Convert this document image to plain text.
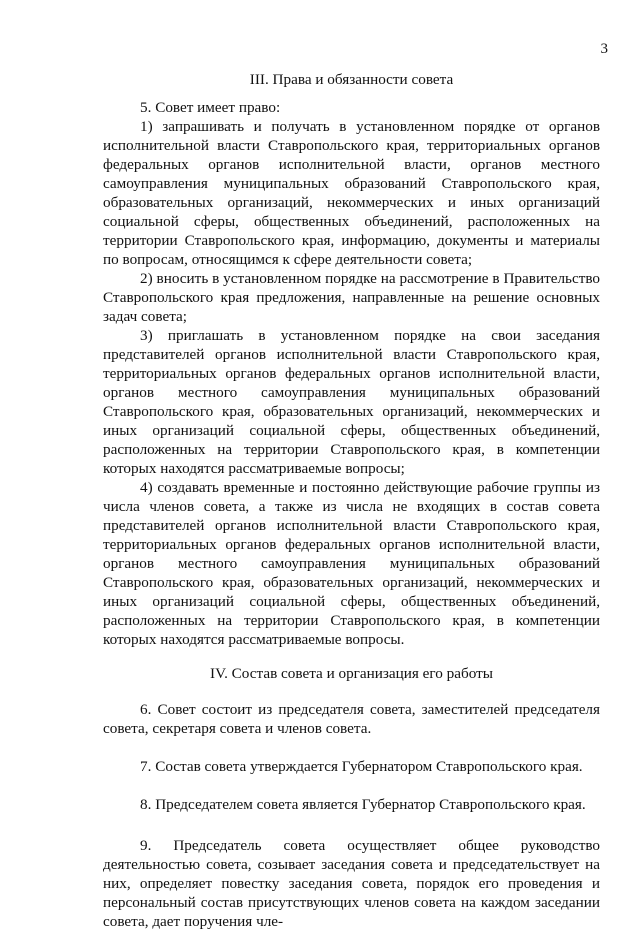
3
III. Права и обязанности совета

5. Совет имеет право:

1) запрашивать и получать в установленном порядке от органов исполнительной власти Ставропольского края, территориальных органов федеральных органов исполнительной власти, органов местного самоуправления муниципальных образований Ставропольского края, образовательных организаций, некоммерческих и иных организаций социальной сферы, общественных объединений, расположенных на территории Ставропольского края, информацию, документы и материалы по вопросам, относящимся к сфере деятельности совета;

2) вносить в установленном порядке на рассмотрение в Правительство Ставропольского края предложения, направленные на решение основных задач совета;

3) приглашать в установленном порядке на свои заседания представителей органов исполнительной власти Ставропольского края, территориальных органов федеральных органов исполнительной власти, органов местного самоуправления муниципальных образований Ставропольского края, образовательных организаций, некоммерческих и иных организаций социальной сферы, общественных объединений, расположенных на территории Ставропольского края, в компетенции которых находятся рассматриваемые вопросы;

4) создавать временные и постоянно действующие рабочие группы из числа членов совета, а также из числа не входящих в состав совета представителей органов исполнительной власти Ставропольского края, территориальных органов федеральных органов исполнительной власти, органов местного самоуправления муниципальных образований Ставропольского края, образовательных организаций, некоммерческих и иных организаций социальной сферы, общественных объединений, расположенных на территории Ставропольского края, в компетенции которых находятся рассматриваемые вопросы.

IV. Состав совета и организация его работы

6. Совет состоит из председателя совета, заместителей председателя совета, секретаря совета и членов совета.

7. Состав совета утверждается Губернатором Ставропольского края.

8. Председателем совета является Губернатор Ставропольского края.

9. Председатель совета осуществляет общее руководство деятельностью совета, созывает заседания совета и председательствует на них, определяет повестку заседания совета, порядок его проведения и персональный состав присутствующих членов совета на каждом заседании совета, дает поручения чле-
